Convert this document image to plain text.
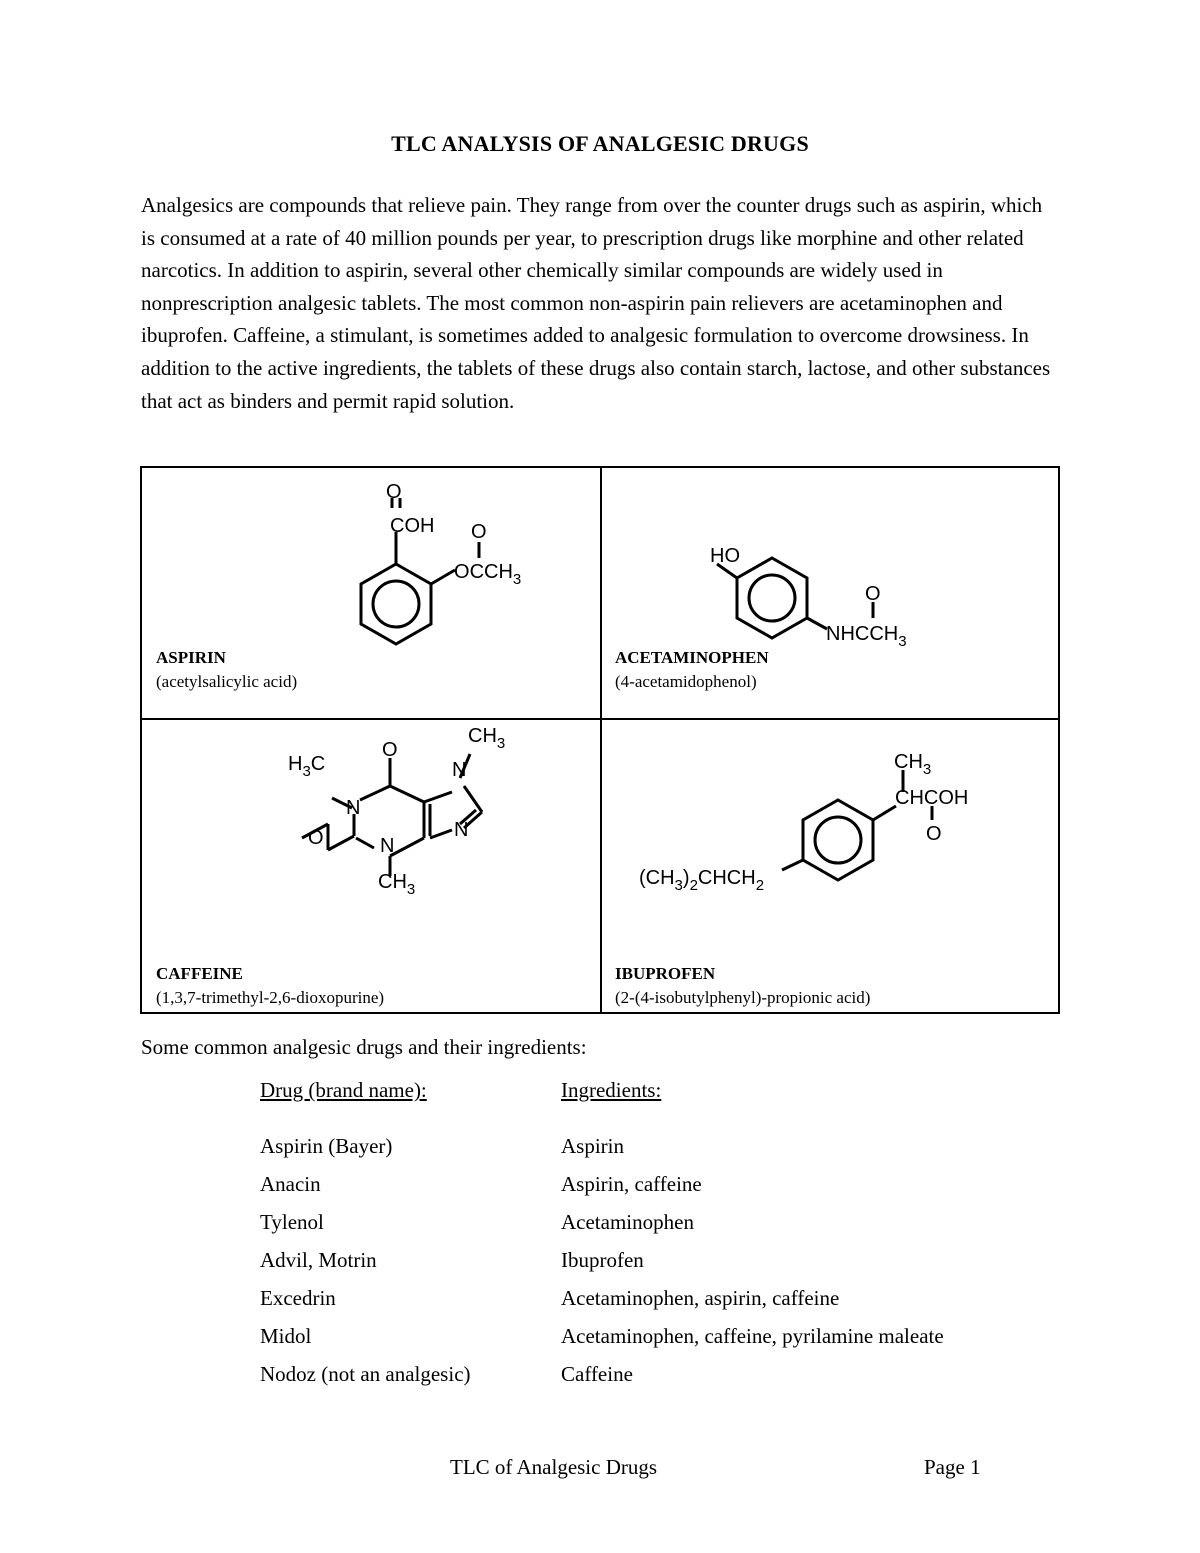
TLC ANALYSIS OF ANALGESIC DRUGS

Analgesics are compounds that relieve pain. They range from over the counter drugs such as aspirin, which is consumed at a rate of 40 million pounds per year, to prescription drugs like morphine and other related narcotics. In addition to aspirin, several other chemically similar compounds are widely used in nonprescription analgesic tablets. The most common non-aspirin pain relievers are acetaminophen and ibuprofen. Caffeine, a stimulant, is sometimes added to analgesic formulation to overcome drowsiness. In addition to the active ingredients, the tablets of these drugs also contain starch, lactose, and other substances that act as binders and permit rapid solution.

O
COH O
$OCCH_3$
ASPIRIN
(acetylsalicylic acid)
HO
O
$NHCCH_3$
ACETAMINOPHEN
(4-acetamidophenol)
O
$CH_3$
$H_3C$
N
N
N
O	N
$CH_3$
CAFFEINE
(1,3,7-trimethyl-2,6-dioxopurine)
$CH_3$
CHCOH
O
$(CH_3)_2CHCH_2$
IBUPROFEN
(2-(4-isobutylphenyl)-propionic acid)
Some common analgesic drugs and their ingredients:
Drug (brand name):	Ingredients:
Aspirin (Bayer)	Aspirin
Anacin	Aspirin, caffeine
Tylenol	Acetaminophen
Advil, Motrin	Ibuprofen
Excedrin	Acetaminophen, aspirin, caffeine
Midol	Acetaminophen, caffeine, pyrilamine maleate
Nodoz (not an analgesic)	Caffeine
TLC of Analgesic Drugs	Page 1
